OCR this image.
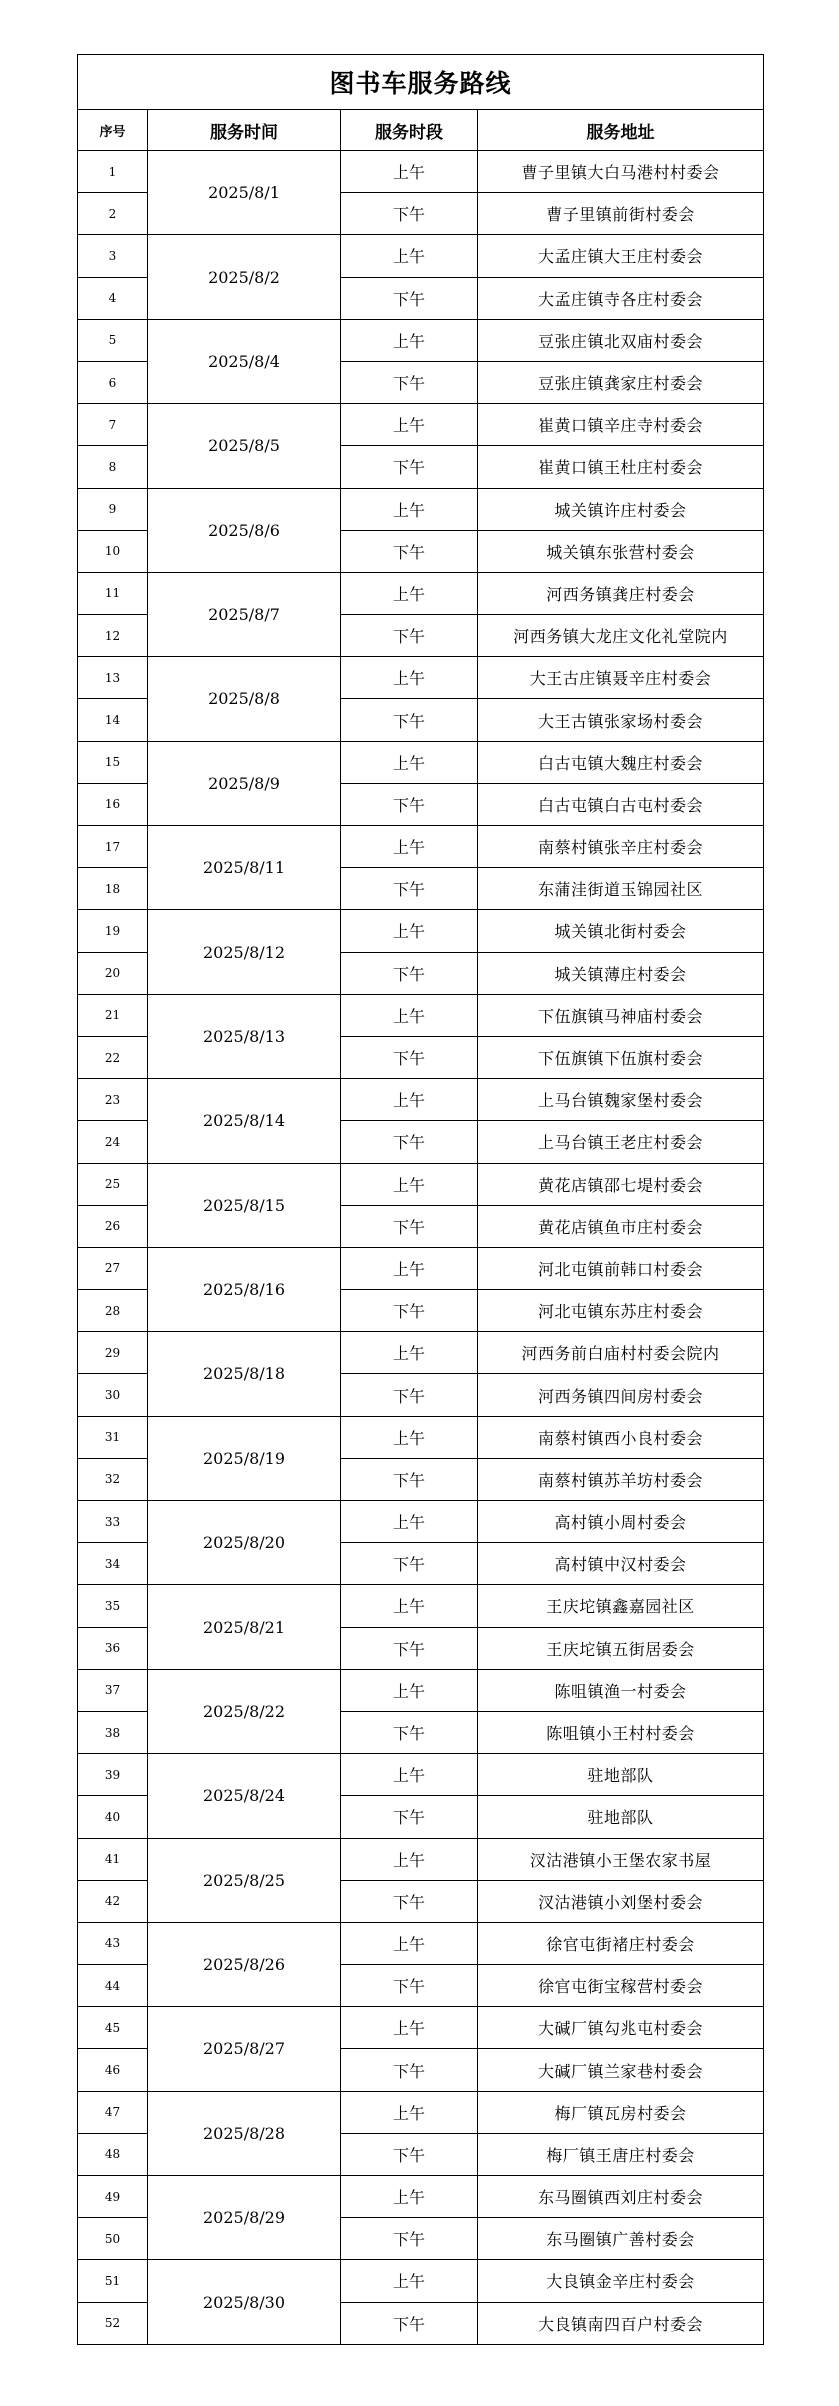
图书车服务路线			
序号	服务时间	服务时段	服务地址
1	2025/8/1	上午	曹子里镇大白马港村村委会
2		下午	曹子里镇前街村委会
3	2025/8/2	上午	大孟庄镇大王庄村委会
4		下午	大孟庄镇寺各庄村委会
5	2025/8/4	上午	豆张庄镇北双庙村委会
6		下午	豆张庄镇龚家庄村委会
7	2025/8/5	上午	崔黄口镇辛庄寺村委会
8		下午	崔黄口镇王杜庄村委会
9	2025/8/6	上午	城关镇许庄村委会
10		下午	城关镇东张营村委会
11	2025/8/7	上午	河西务镇龚庄村委会
12		下午	河西务镇大龙庄文化礼堂院内
13	2025/8/8	上午	大王古庄镇聂辛庄村委会
14		下午	大王古镇张家场村委会
15	2025/8/9	上午	白古屯镇大魏庄村委会
16		下午	白古屯镇白古屯村委会
17	2025/8/11	上午	南蔡村镇张辛庄村委会
18		下午	东蒲洼街道玉锦园社区
19	2025/8/12	上午	城关镇北街村委会
20		下午	城关镇薄庄村委会
21	2025/8/13	上午	下伍旗镇马神庙村委会
22		下午	下伍旗镇下伍旗村委会
23	2025/8/14	上午	上马台镇魏家堡村委会
24		下午	上马台镇王老庄村委会
25	2025/8/15	上午	黄花店镇邵七堤村委会
26		下午	黄花店镇鱼市庄村委会
27	2025/8/16	上午	河北屯镇前韩口村委会
28		下午	河北屯镇东苏庄村委会
29	2025/8/18	上午	河西务前白庙村村委会院内
30		下午	河西务镇四间房村委会
31	2025/8/19	上午	南蔡村镇西小良村委会
32		下午	南蔡村镇苏羊坊村委会
33	2025/8/20	上午	高村镇小周村委会
34		下午	高村镇中汉村委会
35	2025/8/21	上午	王庆坨镇鑫嘉园社区
36		下午	王庆坨镇五街居委会
37	2025/8/22	上午	陈咀镇渔一村委会
38		下午	陈咀镇小王村村委会
39	2025/8/24	上午	驻地部队
40		下午	驻地部队
41	2025/8/25	上午	汊沽港镇小王堡农家书屋
42		下午	汊沽港镇小刘堡村委会
43	2025/8/26	上午	徐官屯街褚庄村委会
44		下午	徐官屯街宝稼营村委会
45	2025/8/27	上午	大碱厂镇勾兆屯村委会
46		下午	大碱厂镇兰家巷村委会
47	2025/8/28	上午	梅厂镇瓦房村委会
48		下午	梅厂镇王唐庄村委会
49	2025/8/29	上午	东马圈镇西刘庄村委会
50		下午	东马圈镇广善村委会
51	2025/8/30	上午	大良镇金辛庄村委会
52		下午	大良镇南四百户村委会
